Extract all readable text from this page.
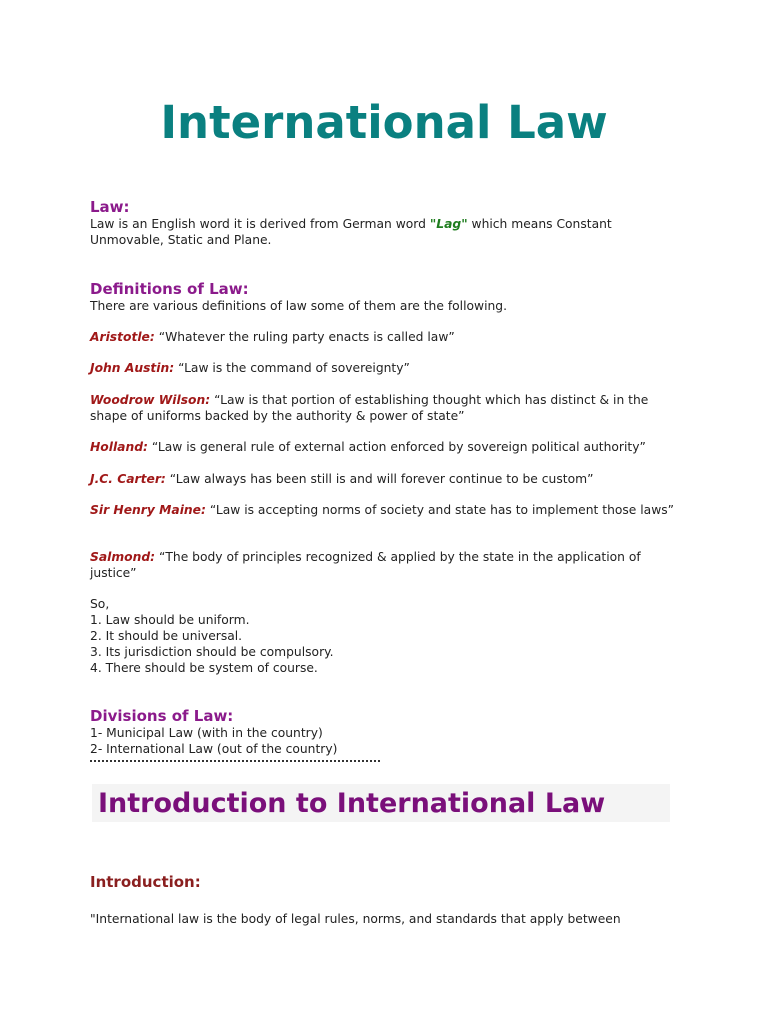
International Law
Law:

Law is an English word it is derived from German word "Lag" which means Constant Unmovable, Static and Plane.

Definitions of Law:

There are various definitions of law some of them are the following.

Aristotle: “Whatever the ruling party enacts is called law”

John Austin: “Law is the command of sovereignty”

Woodrow Wilson: “Law is that portion of establishing thought which has distinct & in the shape of uniforms backed by the authority & power of state”

Holland: “Law is general rule of external action enforced by sovereign political authority”

J.C. Carter: “Law always has been still is and will forever continue to be custom”

Sir Henry Maine: “Law is accepting norms of society and state has to implement those laws”

Salmond: “The body of principles recognized & applied by the state in the application of justice”

So,

1. Law should be uniform.
2. It should be universal.
3. Its jurisdiction should be compulsory.
4. There should be system of course.
Divisions of Law:
1- Municipal Law (with in the country)
2- International Law (out of the country)
Introduction to International Law
Introduction:

"International law is the body of legal rules, norms, and standards that apply between
